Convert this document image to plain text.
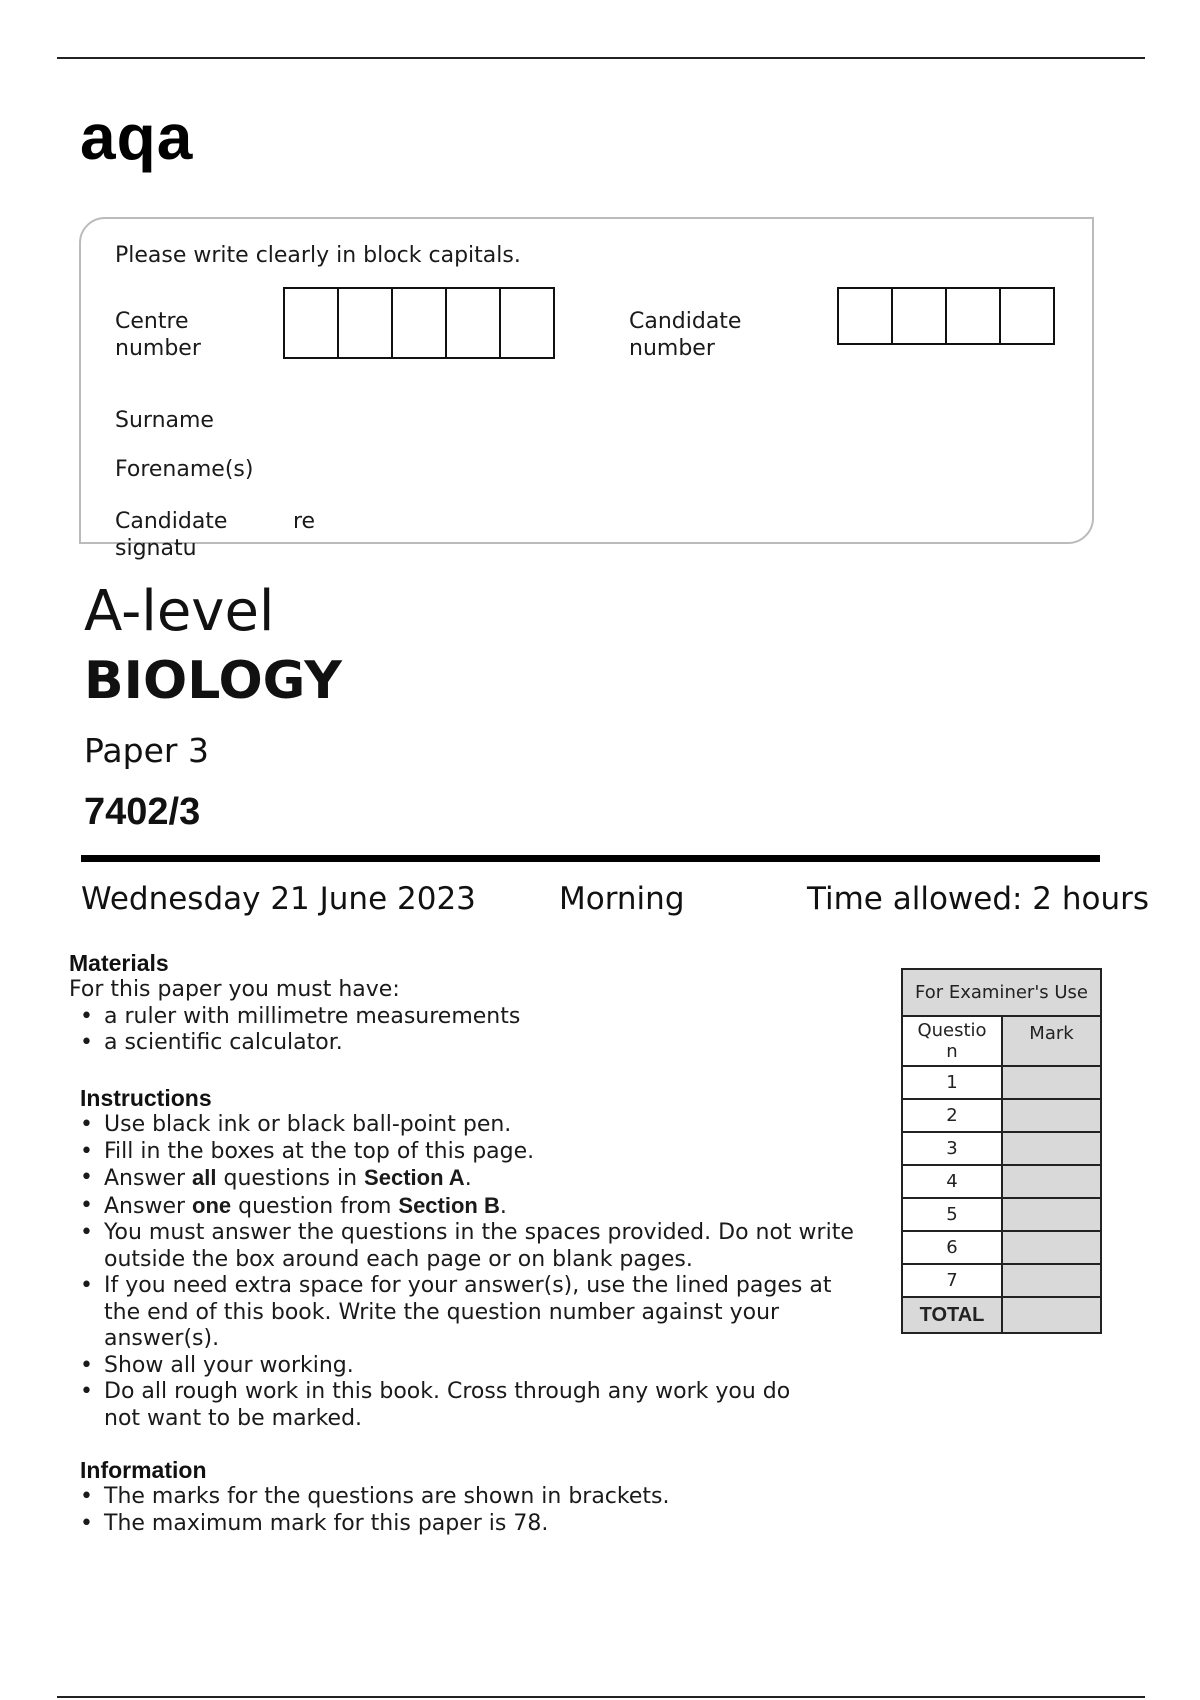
aqa
Please write clearly in block capitals.
Centre
number
Candidate
number
Surname
Forename(s)
Candidate
signatu
re
A-level
BIOLOGY
Paper 3
7402/3
Wednesday 21 June 2023	Morning	Time allowed: 2 hours
Materials
For this paper you must have:
• a ruler with millimetre measurements
• a scientific calculator.
Instructions
• Use black ink or black ball-point pen.
• Fill in the boxes at the top of this page.
• Answer all questions in Section A.
• Answer one question from Section B.
• You must answer the questions in the spaces provided. Do not write
outside the box around each page or on blank pages.
• If you need extra space for your answer(s), use the lined pages at
the end of this book. Write the question number against your
answer(s).
• Show all your working.
• Do all rough work in this book. Cross through any work you do
not want to be marked.
Information
• The marks for the questions are shown in brackets.
• The maximum mark for this paper is 78.
For Examiner's Use	

Questio
n	Mark
1	
2	
3	
4	
5	
6	
7	
TOTAL	
